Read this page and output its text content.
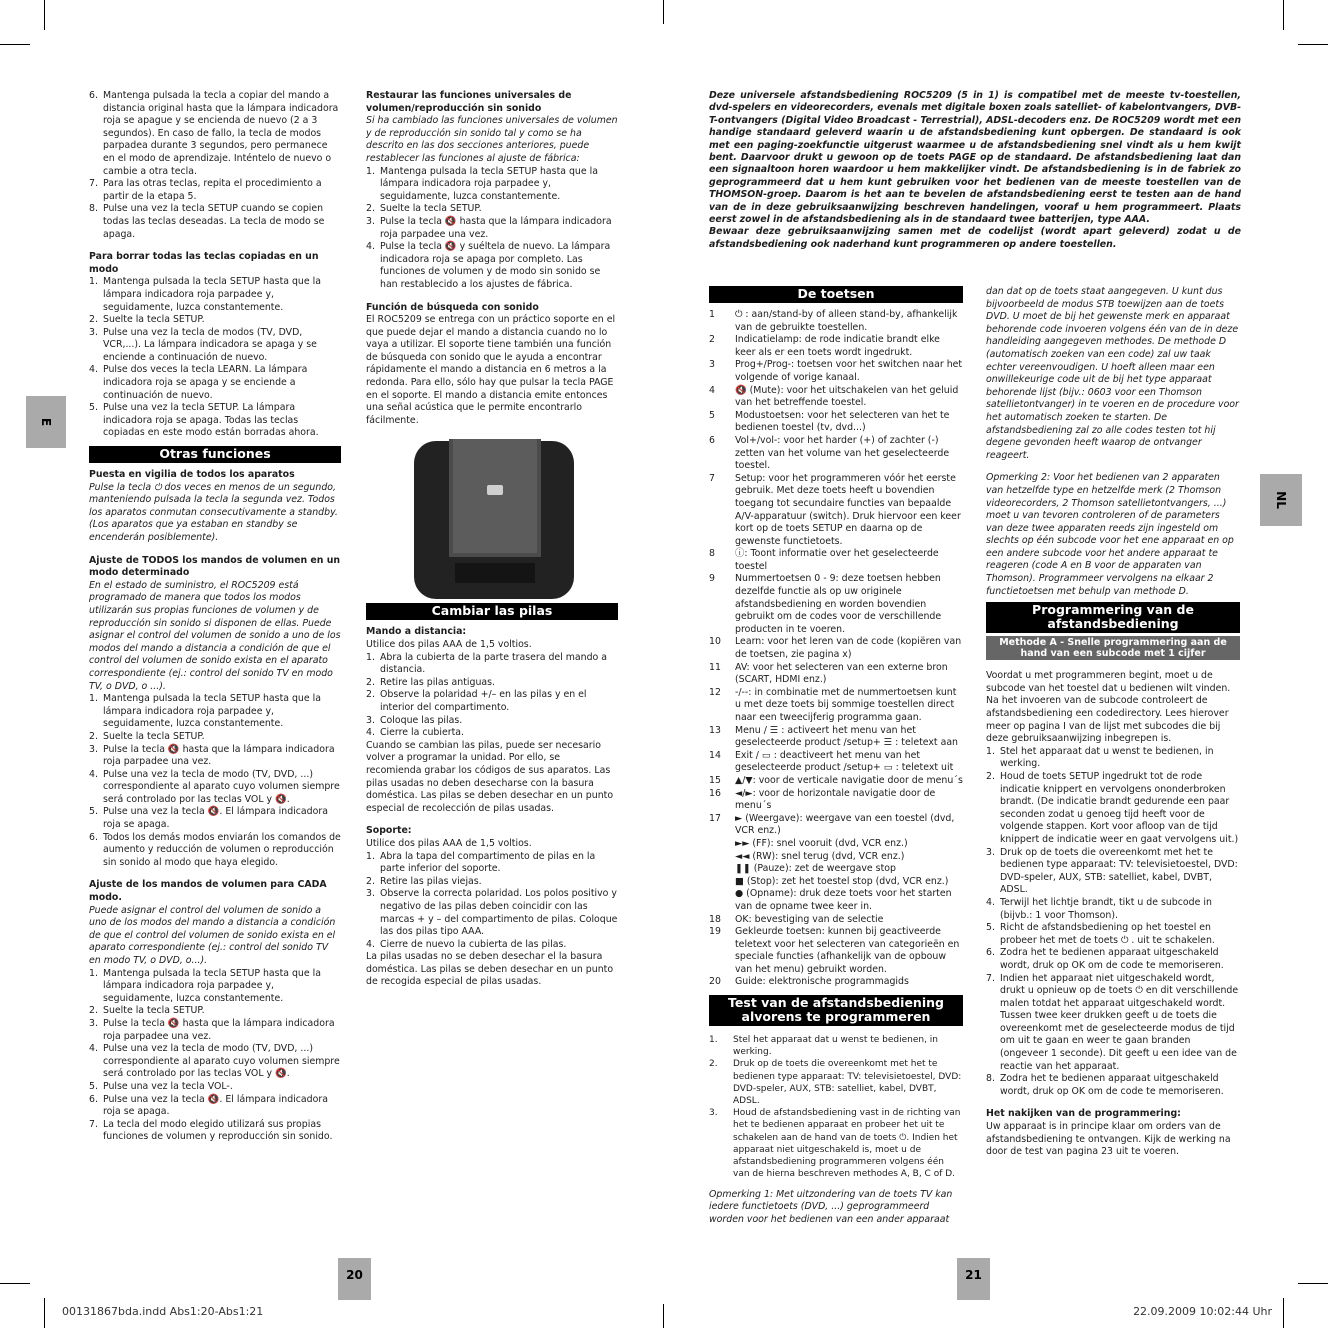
E
NL
6. Mantenga pulsada la tecla a copiar del mando a distancia original hasta que la lámpara indicadora roja se apague y se encienda de nuevo (2 a 3 segundos). En caso de fallo, la tecla de modos parpadea durante 3 segundos, pero permanece en el modo de aprendizaje. Inténtelo de nuevo o cambie a otra tecla.
7. Para las otras teclas, repita el procedimiento a partir de la etapa 5.
8. Pulse una vez la tecla SETUP cuando se copien todas las teclas deseadas. La tecla de modo se apaga.

Para borrar todas las teclas copiadas en un modo

1. Mantenga pulsada la tecla SETUP hasta que la lámpara indicadora roja parpadee y, seguidamente, luzca constantemente.
2. Suelte la tecla SETUP.
3. Pulse una vez la tecla de modos (TV, DVD, VCR,...). La lámpara indicadora se apaga y se enciende a continuación de nuevo.
4. Pulse dos veces la tecla LEARN. La lámpara indicadora roja se apaga y se enciende a continuación de nuevo.
5. Pulse una vez la tecla SETUP. La lámpara indicadora roja se apaga. Todas las teclas copiadas en este modo están borradas ahora.
Otras funciones

Puesta en vigilia de todos los aparatos

Pulse la tecla ⏻ dos veces en menos de un segundo, manteniendo pulsada la tecla la segunda vez. Todos los aparatos conmutan consecutivamente a standby. (Los aparatos que ya estaban en standby se encenderán posiblemente).

Ajuste de TODOS los mandos de volumen en un modo determinado

En el estado de suministro, el ROC5209 está programado de manera que todos los modos utilizarán sus propias funciones de volumen y de reproducción sin sonido si disponen de ellas. Puede asignar el control del volumen de sonido a uno de los modos del mando a distancia a condición de que el control del volumen de sonido exista en el aparato correspondiente (ej.: control del sonido TV en modo TV, o DVD, o ...).

1. Mantenga pulsada la tecla SETUP hasta que la lámpara indicadora roja parpadee y, seguidamente, luzca constantemente.
2. Suelte la tecla SETUP.
3. Pulse la tecla 🔇 hasta que la lámpara indicadora roja parpadee una vez.
4. Pulse una vez la tecla de modo (TV, DVD, ...) correspondiente al aparato cuyo volumen siempre será controlado por las teclas VOL y 🔇.
5. Pulse una vez la tecla 🔇. El lámpara indicadora roja se apaga.
6. Todos los demás modos enviarán los comandos de aumento y reducción de volumen o reproducción sin sonido al modo que haya elegido.

Ajuste de los mandos de volumen para CADA modo.

Puede asignar el control del volumen de sonido a uno de los modos del mando a distancia a condición de que el control del volumen de sonido exista en el aparato correspondiente (ej.: control del sonido TV en modo TV, o DVD, o...).

1. Mantenga pulsada la tecla SETUP hasta que la lámpara indicadora roja parpadee y, seguidamente, luzca constantemente.
2. Suelte la tecla SETUP.
3. Pulse la tecla 🔇 hasta que la lámpara indicadora roja parpadee una vez.
4. Pulse una vez la tecla de modo (TV, DVD, ...) correspondiente al aparato cuyo volumen siempre será controlado por las teclas VOL y 🔇.
5. Pulse una vez la tecla VOL-.
6. Pulse una vez la tecla 🔇. El lámpara indicadora roja se apaga.
7. La tecla del modo elegido utilizará sus propias funciones de volumen y reproducción sin sonido.

Restaurar las funciones universales de volumen/reproducción sin sonido

Si ha cambiado las funciones universales de volumen y de reproducción sin sonido tal y como se ha descrito en las dos secciones anteriores, puede restablecer las funciones al ajuste de fábrica:

1. Mantenga pulsada la tecla SETUP hasta que la lámpara indicadora roja parpadee y, seguidamente, luzca constantemente.
2. Suelte la tecla SETUP.
3. Pulse la tecla 🔇 hasta que la lámpara indicadora roja parpadee una vez.
4. Pulse la tecla 🔇 y suéltela de nuevo. La lámpara indicadora roja se apaga por completo. Las funciones de volumen y de modo sin sonido se han restablecido a los ajustes de fábrica.

Función de búsqueda con sonido

El ROC5209 se entrega con un práctico soporte en el que puede dejar el mando a distancia cuando no lo vaya a utilizar. El soporte tiene también una función de búsqueda con sonido que le ayuda a encontrar rápidamente el mando a distancia en 6 metros a la redonda. Para ello, sólo hay que pulsar la tecla PAGE en el soporte. El mando a distancia emite entonces una señal acústica que le permite encontrarlo fácilmente.

Cambiar las pilas

Mando a distancia:

Utilice dos pilas AAA de 1,5 voltios.

1. Abra la cubierta de la parte trasera del mando a distancia.
2. Retire las pilas antiguas.
2. Observe la polaridad +/– en las pilas y en el interior del compartimento.
3. Coloque las pilas.
4. Cierre la cubierta.

Cuando se cambian las pilas, puede ser necesario volver a programar la unidad. Por ello, se recomienda grabar los códigos de sus aparatos. Las pilas usadas no deben desecharse con la basura doméstica. Las pilas se deben desechar en un punto especial de recolección de pilas usadas.

Soporte:

Utilice dos pilas AAA de 1,5 voltios.

1. Abra la tapa del compartimento de pilas en la parte inferior del soporte.
2. Retire las pilas viejas.
3. Observe la correcta polaridad. Los polos positivo y negativo de las pilas deben coincidir con las marcas + y – del compartimento de pilas. Coloque las dos pilas tipo AAA.
4. Cierre de nuevo la cubierta de las pilas.

La pilas usadas no se deben desechar el la basura doméstica. Las pilas se deben desechar en un punto de recogida especial de pilas usadas.

Deze universele afstandsbediening ROC5209 (5 in 1) is compatibel met de meeste tv-toestellen, dvd-spelers en videorecorders, evenals met digitale boxen zoals satelliet- of kabelontvangers, DVB-T-ontvangers (Digital Video Broadcast - Terrestrial), ADSL-decoders enz. De ROC5209 wordt met een handige standaard geleverd waarin u de afstandsbediening kunt opbergen. De standaard is ook met een paging-zoekfunctie uitgerust waarmee u de afstandsbediening snel vindt als u hem kwijt bent. Daarvoor drukt u gewoon op de toets PAGE op de standaard. De afstandsbediening laat dan een signaaltoon horen waardoor u hem makkelijker vindt. De afstandsbediening is in de fabriek zo geprogrammeerd dat u hem kunt gebruiken voor het bedienen van de meeste toestellen van de THOMSON-groep. Daarom is het aan te bevelen de afstandsbediening eerst te testen aan de hand van de in deze gebruiksaanwijzing beschreven handelingen, vooraf u hem programmeert. Plaats eerst zowel in de afstandsbediening als in de standaard twee batterijen, type AAA.

Bewaar deze gebruiksaanwijzing samen met de codelijst (wordt apart geleverd) zodat u de afstandsbediening ook naderhand kunt programmeren op andere toestellen.

De toetsen
1	⏻ : aan/stand-by of alleen stand-by, afhankelijk van de gebruikte toestellen.
2	Indicatielamp: de rode indicatie brandt elke keer als er een toets wordt ingedrukt.
3	Prog+/Prog-: toetsen voor het switchen naar het volgende of vorige kanaal.
4	🔇 (Mute): voor het uitschakelen van het geluid van het betreffende toestel.
5	Modustoetsen: voor het selecteren van het te bedienen toestel (tv, dvd...)
6	Vol+/vol-: voor het harder (+) of zachter (-) zetten van het volume van het geselecteerde toestel.
7	Setup: voor het programmeren vóór het eerste gebruik. Met deze toets heeft u bovendien toegang tot secundaire functies van bepaalde A/V-apparatuur (switch). Druk hiervoor een keer kort op de toets SETUP en daarna op de gewenste functietoets.
8	ⓘ: Toont informatie over het geselecteerde toestel
9	Nummertoetsen 0 - 9: deze toetsen hebben dezelfde functie als op uw originele afstandsbediening en worden bovendien gebruikt om de codes voor de verschillende producten in te voeren.
10	Learn: voor het leren van de code (kopiëren van de toetsen, zie pagina x)
11	AV: voor het selecteren van een externe bron (SCART, HDMI enz.)
12	-/--: in combinatie met de nummertoetsen kunt u met deze toets bij sommige toestellen direct naar een tweecijferig programma gaan.
13	Menu / ☰ : activeert het menu van het geselecteerde product /setup+ ☰ : teletext aan
14	Exit / ▭ : deactiveert het menu van het geselecteerde product /setup+ ▭ : teletext uit
15	▲/▼: voor de verticale navigatie door de menu´s
16	◄/►: voor de horizontale navigatie door de menu´s
17	► (Weergave): weergave van een toestel (dvd, VCR enz.)
►► (FF): snel vooruit (dvd, VCR enz.)
◄◄ (RW): snel terug (dvd, VCR enz.)
❚❚ (Pauze): zet de weergave stop
■ (Stop): zet het toestel stop (dvd, VCR enz.)
● (Opname): druk deze toets voor het starten van de opname twee keer in.
18	OK: bevestiging van de selectie
19	Gekleurde toetsen: kunnen bij geactiveerde teletext voor het selecteren van categorieën en speciale functies (afhankelijk van de opbouw van het menu) gebruikt worden.
20	Guide: elektronische programmagids
Test van de afstandsbediening alvorens te programmeren
1.	Stel het apparaat dat u wenst te bedienen, in werking.
2.	Druk op de toets die overeenkomt met het te bedienen type apparaat: TV: televisietoestel, DVD: DVD-speler, AUX, STB: satelliet, kabel, DVBT, ADSL.
3.	Houd de afstandsbediening vast in de richting van het te bedienen apparaat en probeer het uit te schakelen aan de hand van de toets ⏻. Indien het apparaat niet uitgeschakeld is, moet u de afstandsbediening programmeren volgens één van de hierna beschreven methodes A, B, C of D.

Opmerking 1: Met uitzondering van de toets TV kan iedere functietoets (DVD, ...) geprogrammeerd worden voor het bedienen van een ander apparaat

dan dat op de toets staat aangegeven. U kunt dus bijvoorbeeld de modus STB toewijzen aan de toets DVD. U moet de bij het gewenste merk en apparaat behorende code invoeren volgens één van de in deze handleiding aangegeven methodes. De methode D (automatisch zoeken van een code) zal uw taak echter vereenvoudigen. U hoeft alleen maar een onwillekeurige code uit de bij het type apparaat behorende lijst (bijv.: 0603 voor een Thomson satellietontvanger) in te voeren en de procedure voor het automatisch zoeken te starten. De afstandsbediening zal zo alle codes testen tot hij degene gevonden heeft waarop de ontvanger reageert.

Opmerking 2: Voor het bedienen van 2 apparaten van hetzelfde type en hetzelfde merk (2 Thomson videorecorders, 2 Thomson satellietontvangers, ...) moet u van tevoren controleren of de parameters van deze twee apparaten reeds zijn ingesteld om slechts op één subcode voor het ene apparaat en op een andere subcode voor het andere apparaat te reageren (code A en B voor de apparaten van Thomson). Programmeer vervolgens na elkaar 2 functietoetsen met behulp van methode D.

Programmering van de afstandsbediening
Methode A - Snelle programmering aan de hand van een subcode met 1 cijfer

Voordat u met programmeren begint, moet u de subcode van het toestel dat u bedienen wilt vinden. Na het invoeren van de subcode controleert de afstandsbediening een codedirectory. Lees hierover meer op pagina I van de lijst met subcodes die bij deze gebruiksaanwijzing inbegrepen is.

1. Stel het apparaat dat u wenst te bedienen, in werking.
2. Houd de toets SETUP ingedrukt tot de rode indicatie knippert en vervolgens ononderbroken brandt. (De indicatie brandt gedurende een paar seconden zodat u genoeg tijd heeft voor de volgende stappen. Kort voor afloop van de tijd knippert de indicatie weer en gaat vervolgens uit.)
3. Druk op de toets die overeenkomt met het te bedienen type apparaat: TV: televisietoestel, DVD: DVD-speler, AUX, STB: satelliet, kabel, DVBT, ADSL.
4. Terwijl het lichtje brandt, tikt u de subcode in (bijvb.: 1 voor Thomson).
5. Richt de afstandsbediening op het toestel en probeer het met de toets ⏻ . uit te schakelen.
6. Zodra het te bedienen apparaat uitgeschakeld wordt, druk op OK om de code te memoriseren.
7. Indien het apparaat niet uitgeschakeld wordt, drukt u opnieuw op de toets ⏻ en dit verschillende malen totdat het apparaat uitgeschakeld wordt. Tussen twee keer drukken geeft u de toets die overeenkomt met de geselecteerde modus de tijd om uit te gaan en weer te gaan branden (ongeveer 1 seconde). Dit geeft u een idee van de reactie van het apparaat.
8. Zodra het te bedienen apparaat uitgeschakeld wordt, druk op OK om de code te memoriseren.

Het nakijken van de programmering:

Uw apparaat is in principe klaar om orders van de afstandsbediening te ontvangen. Kijk de werking na door de test van pagina 23 uit te voeren.

20	21
00131867bda.indd Abs1:20-Abs1:21	22.09.2009 10:02:44 Uhr
